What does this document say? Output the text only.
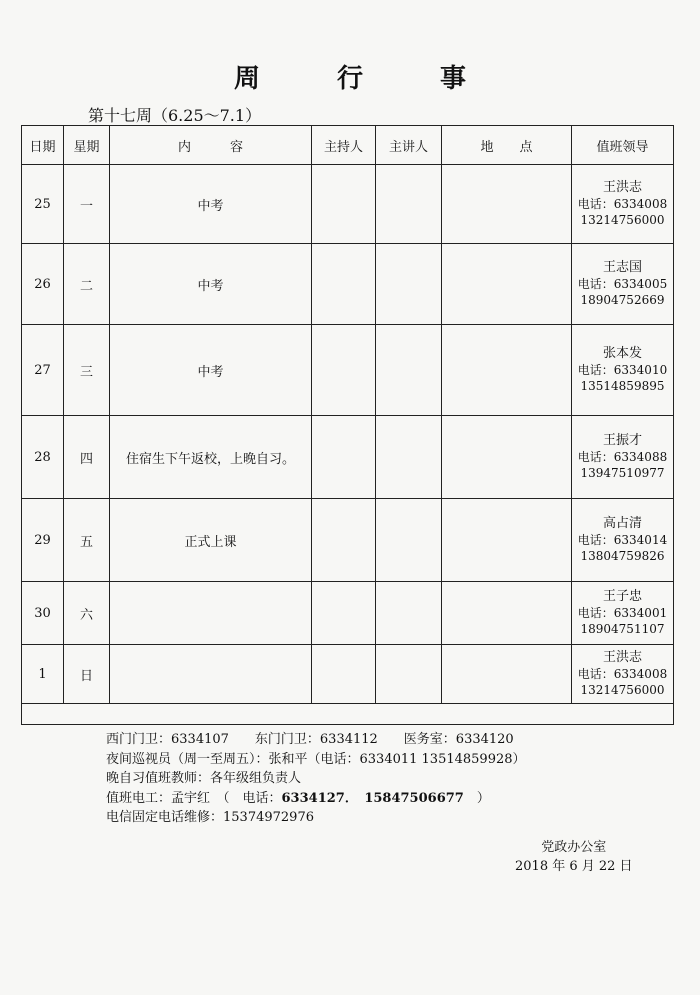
周 行 事
第十七周（6.25～7.1）
日期	星期	内　　　容	主持人	主讲人	地　　点	值班领导
25	一	中考				王洪志
电话：6334008
13214756000

26	二	中考				王志国
电话：6334005
18904752669

27	三	中考				张本发
电话：6334010
13514859895

28	四	住宿生下午返校，上晚自习。				王振才
电话：6334088
13947510977

29	五	正式上课				高占清
电话：6334014
13804759826

30	六					王子忠
电话：6334001
18904751107

1	日					王洪志
电话：6334008
13214756000

西门门卫：6334107　　东门门卫：6334112　　医务室：6334120
夜间巡视员（周一至周五）：张和平（电话：6334011 13514859928）
晚自习值班教师：各年级组负责人
值班电工：孟宇红　（　电话：6334127．　15847506677　）
电信固定电话维修：15374972976
党政办公室
2018 年 6 月 22 日
